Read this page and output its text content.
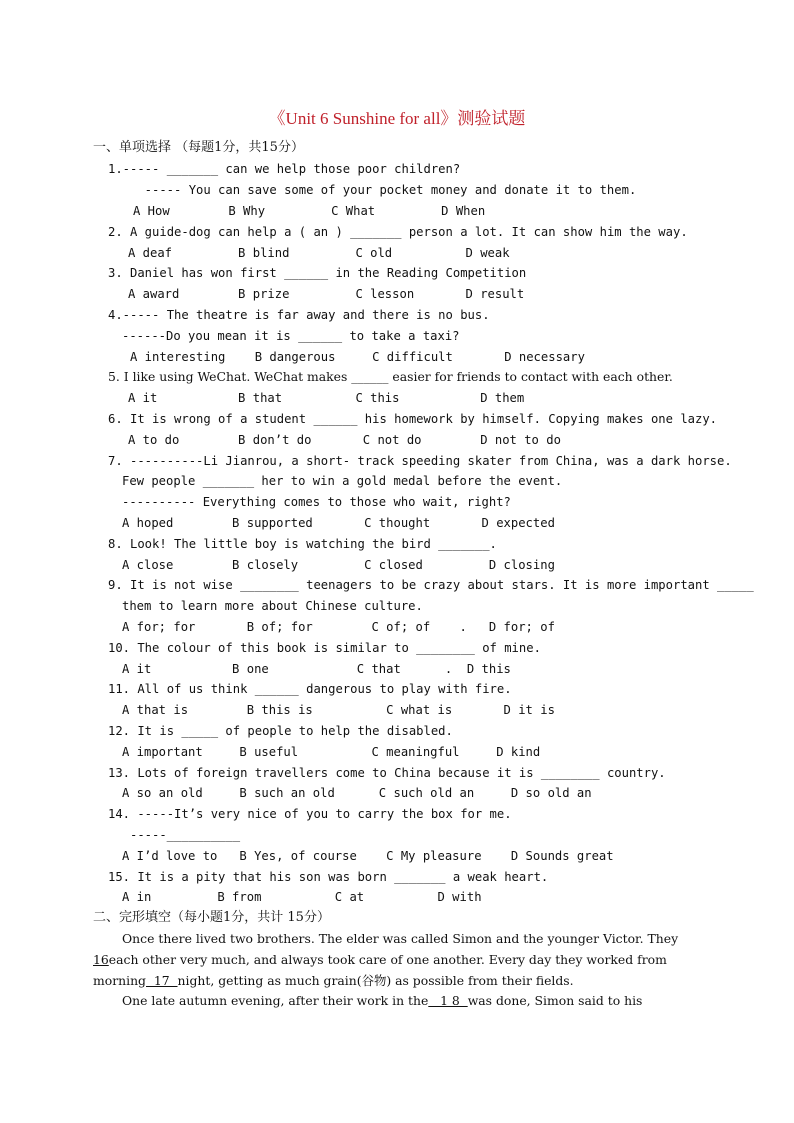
《Unit 6 Sunshine for all》测验试题
一、单项选择 （每题1分，共15分）
1.----- _______ can we help those poor children?
----- You can save some of your pocket money and donate it to them.
A How        B Why         C What         D When
2. A guide-dog can help a ( an ) _______ person a lot. It can show him the way.
A deaf         B blind         C old          D weak
3. Daniel has won first ______ in the Reading Competition
A award        B prize         C lesson       D result
4.----- The theatre is far away and there is no bus.
------Do you mean it is ______ to take a taxi?
A interesting    B dangerous     C difficult       D necessary
5. I like using WeChat. WeChat makes ______ easier for friends to contact with each other.
A it           B that          C this           D them
6. It is wrong of a student ______ his homework by himself. Copying makes one lazy.
A to do        B don’t do       C not do        D not to do
7. ----------Li Jianrou, a short- track speeding skater from China, was a dark horse.
Few people _______ her to win a gold medal before the event.
---------- Everything comes to those who wait, right?
A hoped        B supported       C thought       D expected
8. Look! The little boy is watching the bird _______.
A close        B closely         C closed         D closing
9. It is not wise ________ teenagers to be crazy about stars. It is more important _____
them to learn more about Chinese culture.
A for; for       B of; for        C of; of    .   D for; of
10. The colour of this book is similar to ________ of mine.
A it           B one            C that      .  D this
11. All of us think ______ dangerous to play with fire.
A that is        B this is          C what is       D it is
12. It is _____ of people to help the disabled.
A important     B useful          C meaningful     D kind
13. Lots of foreign travellers come to China because it is ________ country.
A so an old     B such an old      C such old an     D so old an
14. -----It’s very nice of you to carry the box for me.
-----__________
A I’d love to   B Yes, of course    C My pleasure    D Sounds great
15. It is a pity that his son was born _______ a weak heart.
A in         B from          C at          D with
二、完形填空（每小题1分，共计 15分）
Once there lived two brothers. The elder was called Simon and the younger Victor. They
16each other very much, and always took care of one another. Every day they worked from
morning  17  night, getting as much grain(谷物) as possible from their fields.
One late autumn evening, after their work in the   1 8  was done, Simon said to his
